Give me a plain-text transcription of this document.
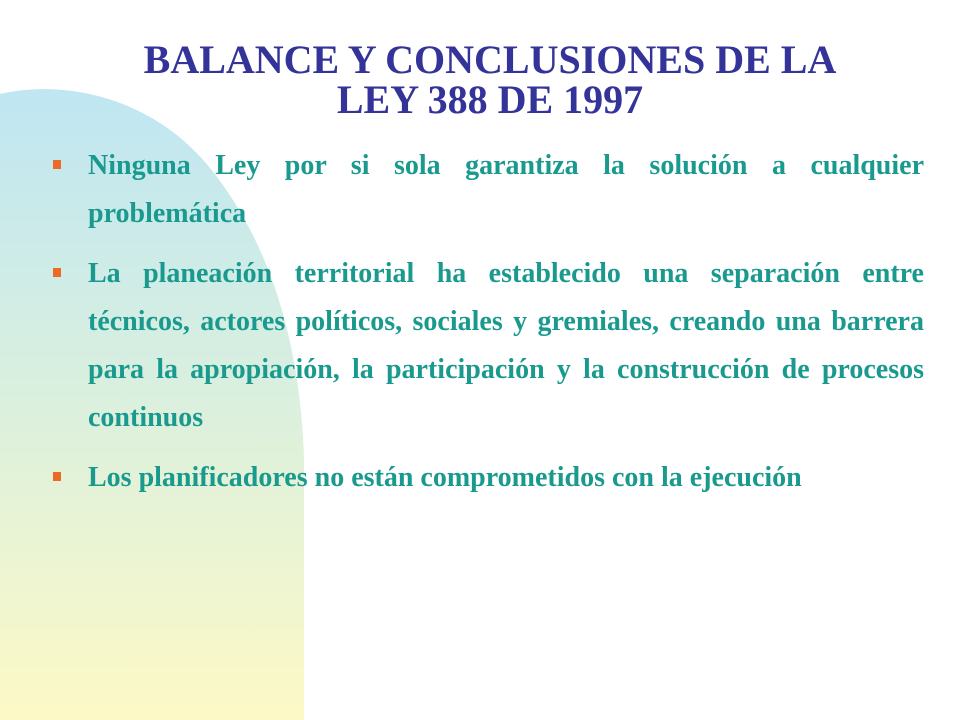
BALANCE Y CONCLUSIONES DE LA
LEY 388 DE 1997
Ninguna Ley por si sola garantiza la solución a cualquier problemática
La planeación territorial ha establecido una separación entre técnicos, actores políticos, sociales y gremiales, creando una barrera para la apropiación, la participación y la construcción de procesos continuos
Los planificadores no están comprometidos con la ejecución
